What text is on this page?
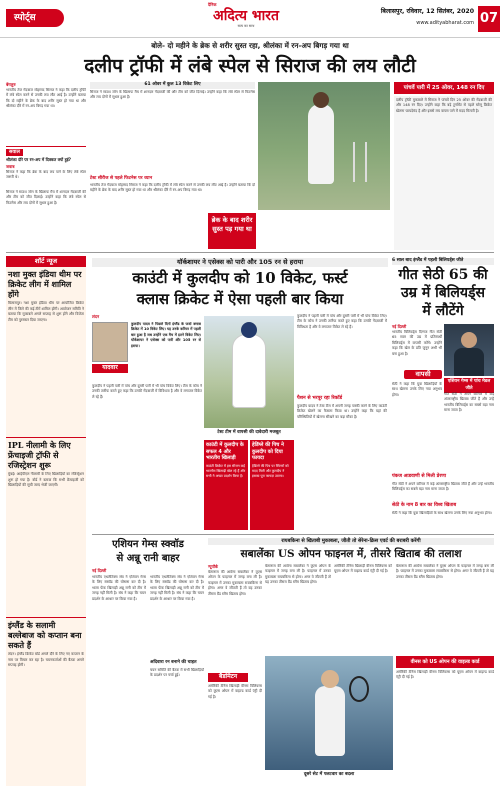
स्पोर्ट्स
दैनिक
अदित्य भारत
सत्य का साथ
बिलासपुर, रविवार, 12 सितंबर, 2020
www.adityabharat.com 07
बोले- दो महीने के ब्रेक से शरीर सुस्त रहा, श्रीलंका में रन-अप बिगड़ गया था
दलीप ट्रॉफी में लंबे स्पेल से सिराज की लय लौटी
बेंगलुरु
भारतीय तेज गेंदबाज मोहम्मद सिराज ने कहा कि दलीप ट्रॉफी में लंबे स्पेल करने से उनकी लय लौट आई है। उन्होंने बताया कि दो महीने के ब्रेक के बाद शरीर सुस्त हो गया था और श्रीलंका दौरे में रन-अप बिगड़ गया था।
सवाल
श्रीलंका दौरे पर रन-अप में दिक्कत क्यों हुई?
जवाब
सिराज ने कहा कि ब्रेक के बाद लय पाने के लिए लंबे स्पेल जरूरी थे।
सिराज ने साउथ जोन के खिलाफ मैच में शानदार गेंदबाजी की और टीम को जीत दिलाई। उन्होंने कहा कि लंबे स्पेल से फिटनेस और लय दोनों में सुधार हुआ है।
61 ओवर में कुल 13 विकेट लिए
सिराज ने साउथ जोन के खिलाफ मैच में शानदार गेंदबाजी की और टीम को जीत दिलाई। उन्होंने कहा कि लंबे स्पेल से फिटनेस और लय दोनों में सुधार हुआ है।
टेस्ट सीरीज से पहले फिटनेस पर ध्यान
भारतीय तेज गेंदबाज मोहम्मद सिराज ने कहा कि दलीप ट्रॉफी में लंबे स्पेल करने से उनकी लय लौट आई है। उन्होंने बताया कि दो महीने के ब्रेक के बाद शरीर सुस्त हो गया था और श्रीलंका दौरे में रन-अप बिगड़ गया था।
ब्रेक के बाद शरीर सुस्त पड़ गया था
पांचवें पारी में 25 ओवर, 148 रन दिए
दलीप ट्रॉफी मुकाबले में सिराज ने पांचवें दिन 25 ओवर की गेंदबाजी की और 148 रन दिए। उन्होंने कहा कि बड़े टूर्नामेंट से पहले घरेलू क्रिकेट खेलना फायदेमंद है और इससे लय वापस पाने में मदद मिलती है।
शॉर्ट न्यूज
नशा मुक्त इंडिया थीम पर क्रिकेट लीग में शामिल होंगे
बिलासपुर। नशा मुक्त इंडिया थीम पर आयोजित क्रिकेट लीग में जिले की कई टीमें शामिल होंगी। आयोजन समिति ने बताया कि मुकाबले अगले सप्ताह से शुरू होंगे और विजेता टीम को पुरस्कार दिया जाएगा।
IPL नीलामी के लिए फ्रेंचाइजी ट्रॉफी से रजिस्ट्रेशन शुरू
मुंबई। आईपीएल नीलामी के लिए खिलाड़ियों का रजिस्ट्रेशन शुरू हो गया है। बोर्ड ने बताया कि सभी फ्रेंचाइजी को खिलाड़ियों की सूची जल्द भेजी जाएगी।
इंग्लैंड के सलामी बल्लेबाज को कप्तान बना सकते हैं
लंदन। इंग्लैंड क्रिकेट बोर्ड अगले दौरे के लिए नए कप्तान के नाम पर विचार कर रहा है। चयनकर्ताओं की बैठक अगले सप्ताह होगी।
यॉर्कशायर ने एसेक्स को पारी और 105 रन से हराया
काउंटी में कुलदीप को 10 विकेट, फर्स्ट
क्लास क्रिकेट में ऐसा पहली बार किया
लंदन
यादवार
कुलदीप यादव ने पिछले दिनों इंग्लैंड के फर्स्ट क्लास क्रिकेट में 10 विकेट लिए। यह उनके करियर में पहली बार हुआ है जब उन्होंने एक मैच में इतने विकेट लिए। यॉर्कशायर ने एसेक्स को पारी और 105 रन से हराया।
कुलदीप ने पहली पारी में पांच और दूसरी पारी में भी पांच विकेट लिए। टीम के कोच ने उनकी तारीफ करते हुए कहा कि उनकी गेंदबाजी में विविधता है और वे लगातार विकेट ले रहे हैं।
टेस्ट टीम में वापसी की दावेदारी मजबूत
काउंटी में कुलदीप के सफल 4 और भारतीय खिलाड़ी
काउंटी क्रिकेट में इस सीजन कई भारतीय खिलाड़ी खेल रहे हैं और सभी ने अच्छा प्रदर्शन किया है।
हेडिंग्ले की पिच ने कुलदीप को दिया फायदा
हेडिंग्ले की पिच पर स्पिनरों को मदद मिली और कुलदीप ने इसका पूरा फायदा उठाया।
कुलदीप ने पहली पारी में पांच और दूसरी पारी में भी पांच विकेट लिए। टीम के कोच ने उनकी तारीफ करते हुए कहा कि उनकी गेंदबाजी में विविधता है और वे लगातार विकेट ले रहे हैं।
पैशन से भरपूर रहा रिकॉर्ड
कुलदीप यादव ने टेस्ट टीम में अपनी जगह पक्की करने के लिए काउंटी क्रिकेट खेलने का फैसला किया था। उन्होंने कहा कि यहां की परिस्थितियों में खेलना सीखने का बड़ा मौका है।
6 साल बाद इंग्लैंड में पहली बिलियर्ड्स जीते
गीत सेठी 65 की
उम्र में बिलियर्ड्स
में लौटेंगे
नई दिल्ली
भारतीय बिलियर्ड्स दिग्गज गीत सेठी 65 साल की उम्र में प्रतिस्पर्धी बिलियर्ड्स में वापसी करेंगे। उन्होंने कहा कि खेल के प्रति जुनून अभी भी बना हुआ है।
वापसी
सेठी ने कहा कि युवा खिलाड़ियों के साथ खेलना उनके लिए नया अनुभव होगा।
एशियन गेम्स में पांच मेडल जीते
गीत सेठी ने अपने करियर में कई अंतरराष्ट्रीय खिताब जीते हैं और उन्हें भारतीय बिलियर्ड्स का सबसे बड़ा नाम माना जाता है।
पंकज आडवाणी से मिली प्रेरणा
गीत सेठी ने अपने करियर में कई अंतरराष्ट्रीय खिताब जीते हैं और उन्हें भारतीय बिलियर्ड्स का सबसे बड़ा नाम माना जाता है।
सेठी के नाम 8 बार का विश्व खिताब
सेठी ने कहा कि युवा खिलाड़ियों के साथ खेलना उनके लिए नया अनुभव होगा।
एशियन गेम्स स्क्वॉड
से अन्नू रानी बाहर
नई दिल्ली
भारतीय एथलेटिक्स संघ ने एशियन गेम्स के लिए स्क्वॉड की घोषणा कर दी है। भाला फेंक खिलाड़ी अन्नू रानी को टीम में जगह नहीं मिली है। संघ ने कहा कि चयन प्रदर्शन के आधार पर किया गया है।
भारतीय एथलेटिक्स संघ ने एशियन गेम्स के लिए स्क्वॉड की घोषणा कर दी है। भाला फेंक खिलाड़ी अन्नू रानी को टीम में जगह नहीं मिली है। संघ ने कहा कि चयन प्रदर्शन के आधार पर किया गया है।
अदिवारा रन बनाने की चाहत
चयन समिति की बैठक में सभी खिलाड़ियों के प्रदर्शन पर चर्चा हुई।
रायबकिना से खिताबी मुकाबला, जीती तो सेरेना-क्रिस एवर्ट की बराबरी करेंगी
सबालेंका US ओपन फाइनल में, तीसरे खिताब की तलाश
न्यूयॉर्क
बेलारूस की आर्यना सबालेंका ने यूएस ओपन के फाइनल में जगह बना ली है। फाइनल में उनका मुकाबला रायबकिना से होगा। अगर वे जीतती हैं तो यह उनका तीसरा ग्रैंड स्लैम खिताब होगा।
बैडमिंटन
अमेरिकी टेनिस खिलाड़ी वीनस विलियम्स को यूएस ओपन में वाइल्ड कार्ड एंट्री दी गई है।
बेलारूस की आर्यना सबालेंका ने यूएस ओपन के फाइनल में जगह बना ली है। फाइनल में उनका मुकाबला रायबकिना से होगा। अगर वे जीतती हैं तो यह उनका तीसरा ग्रैंड स्लैम खिताब होगा।
दूसरे सेट में पलटवार का बदला
अमेरिकी टेनिस खिलाड़ी वीनस विलियम्स को यूएस ओपन में वाइल्ड कार्ड एंट्री दी गई है।
बेलारूस की आर्यना सबालेंका ने यूएस ओपन के फाइनल में जगह बना ली है। फाइनल में उनका मुकाबला रायबकिना से होगा। अगर वे जीतती हैं तो यह उनका तीसरा ग्रैंड स्लैम खिताब होगा।
वीनस को US ओपन की वाइल्ड कार्ड
अमेरिकी टेनिस खिलाड़ी वीनस विलियम्स को यूएस ओपन में वाइल्ड कार्ड एंट्री दी गई है।
